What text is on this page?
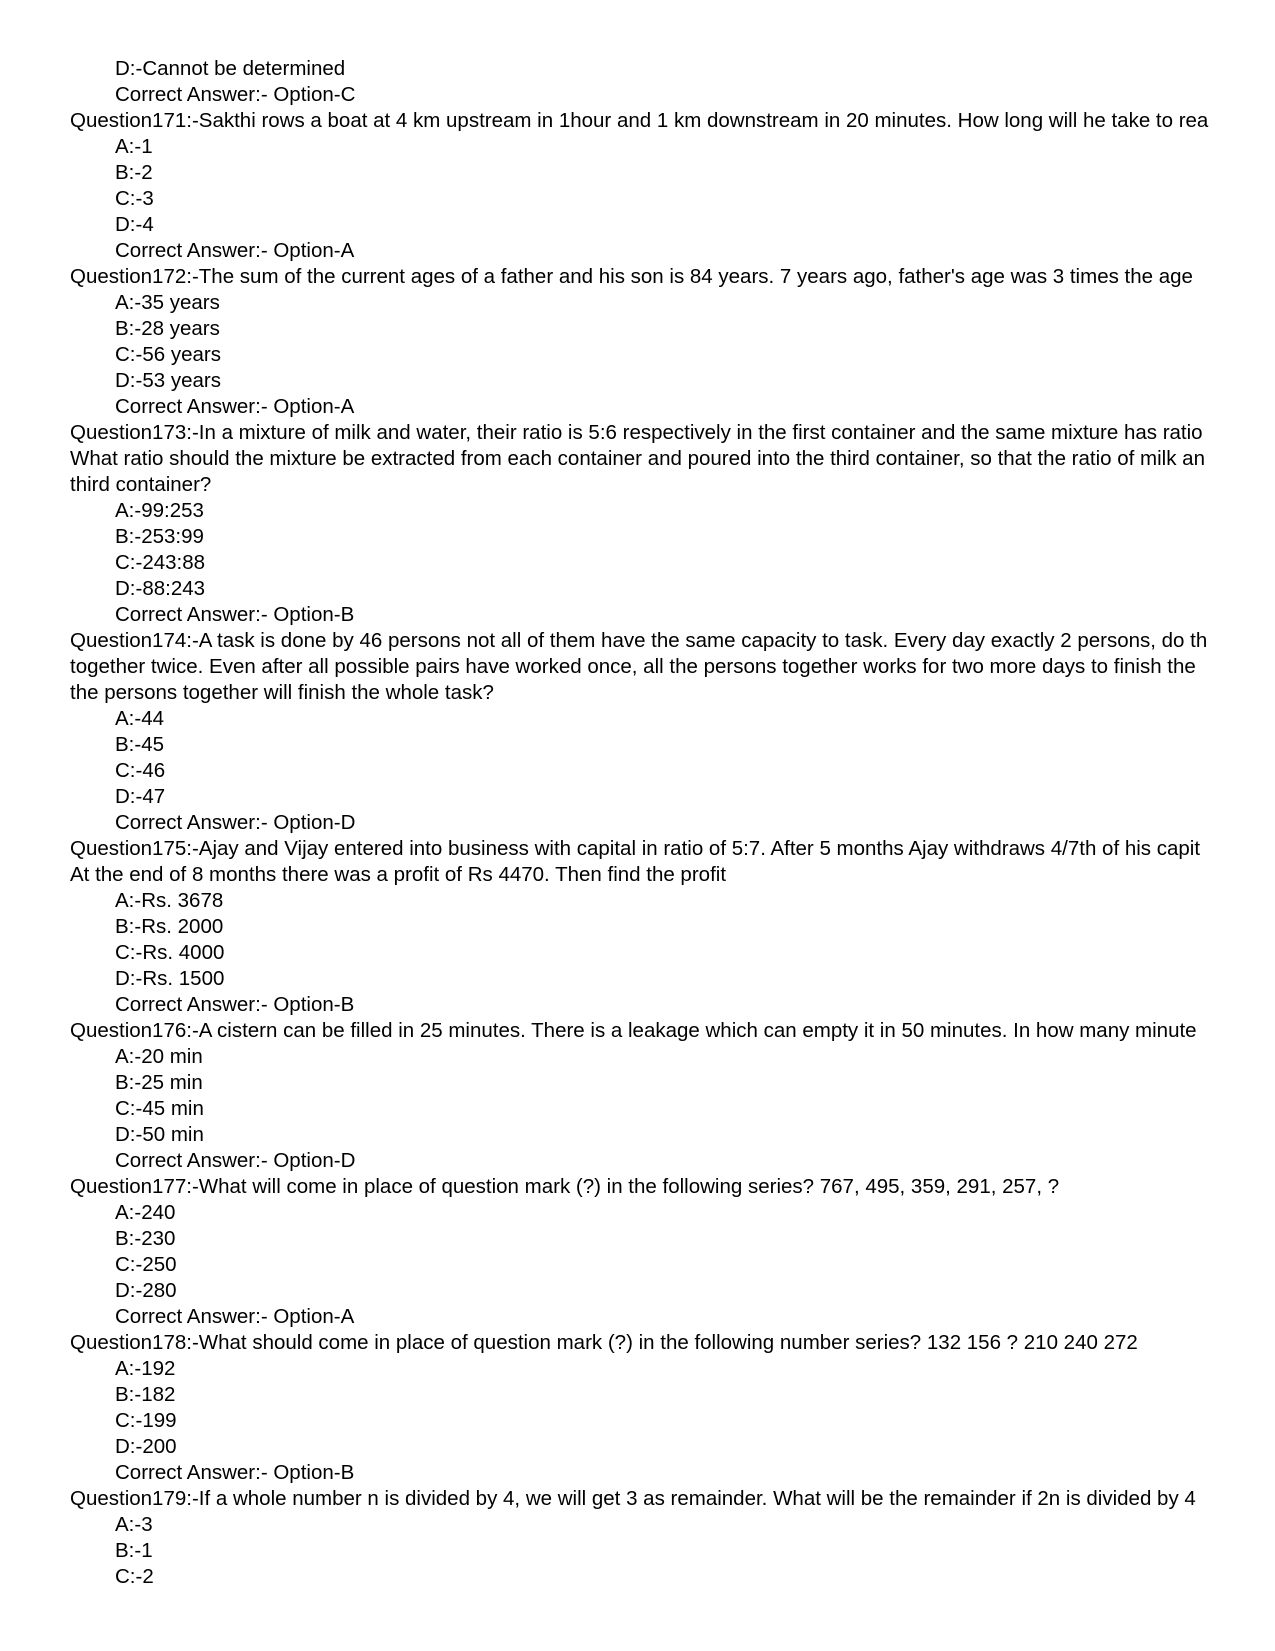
D:-Cannot be determined
Correct Answer:- Option-C
Question171:-Sakthi rows a boat at 4 km upstream in 1hour and 1 km downstream in 20 minutes. How long will he take to rea
A:-1
B:-2
C:-3
D:-4
Correct Answer:- Option-A
Question172:-The sum of the current ages of a father and his son is 84 years. 7 years ago, father's age was 3 times the age
A:-35 years
B:-28 years
C:-56 years
D:-53 years
Correct Answer:- Option-A
Question173:-In a mixture of milk and water, their ratio is 5:6 respectively in the first container and the same mixture has ratio
What ratio should the mixture be extracted from each container and poured into the third container, so that the ratio of milk an
third container?
A:-99:253
B:-253:99
C:-243:88
D:-88:243
Correct Answer:- Option-B
Question174:-A task is done by 46 persons not all of them have the same capacity to task. Every day exactly 2 persons, do th
together twice. Even after all possible pairs have worked once, all the persons together works for two more days to finish the
the persons together will finish the whole task?
A:-44
B:-45
C:-46
D:-47
Correct Answer:- Option-D
Question175:-Ajay and Vijay entered into business with capital in ratio of 5:7. After 5 months Ajay withdraws 4/7th of his capit
At the end of 8 months there was a profit of Rs 4470. Then find the profit
A:-Rs. 3678
B:-Rs. 2000
C:-Rs. 4000
D:-Rs. 1500
Correct Answer:- Option-B
Question176:-A cistern can be filled in 25 minutes. There is a leakage which can empty it in 50 minutes. In how many minute
A:-20 min
B:-25 min
C:-45 min
D:-50 min
Correct Answer:- Option-D
Question177:-What will come in place of question mark (?) in the following series? 767, 495, 359, 291, 257, ?
A:-240
B:-230
C:-250
D:-280
Correct Answer:- Option-A
Question178:-What should come in place of question mark (?) in the following number series? 132 156 ? 210 240 272
A:-192
B:-182
C:-199
D:-200
Correct Answer:- Option-B
Question179:-If a whole number n is divided by 4, we will get 3 as remainder. What will be the remainder if 2n is divided by 4
A:-3
B:-1
C:-2
